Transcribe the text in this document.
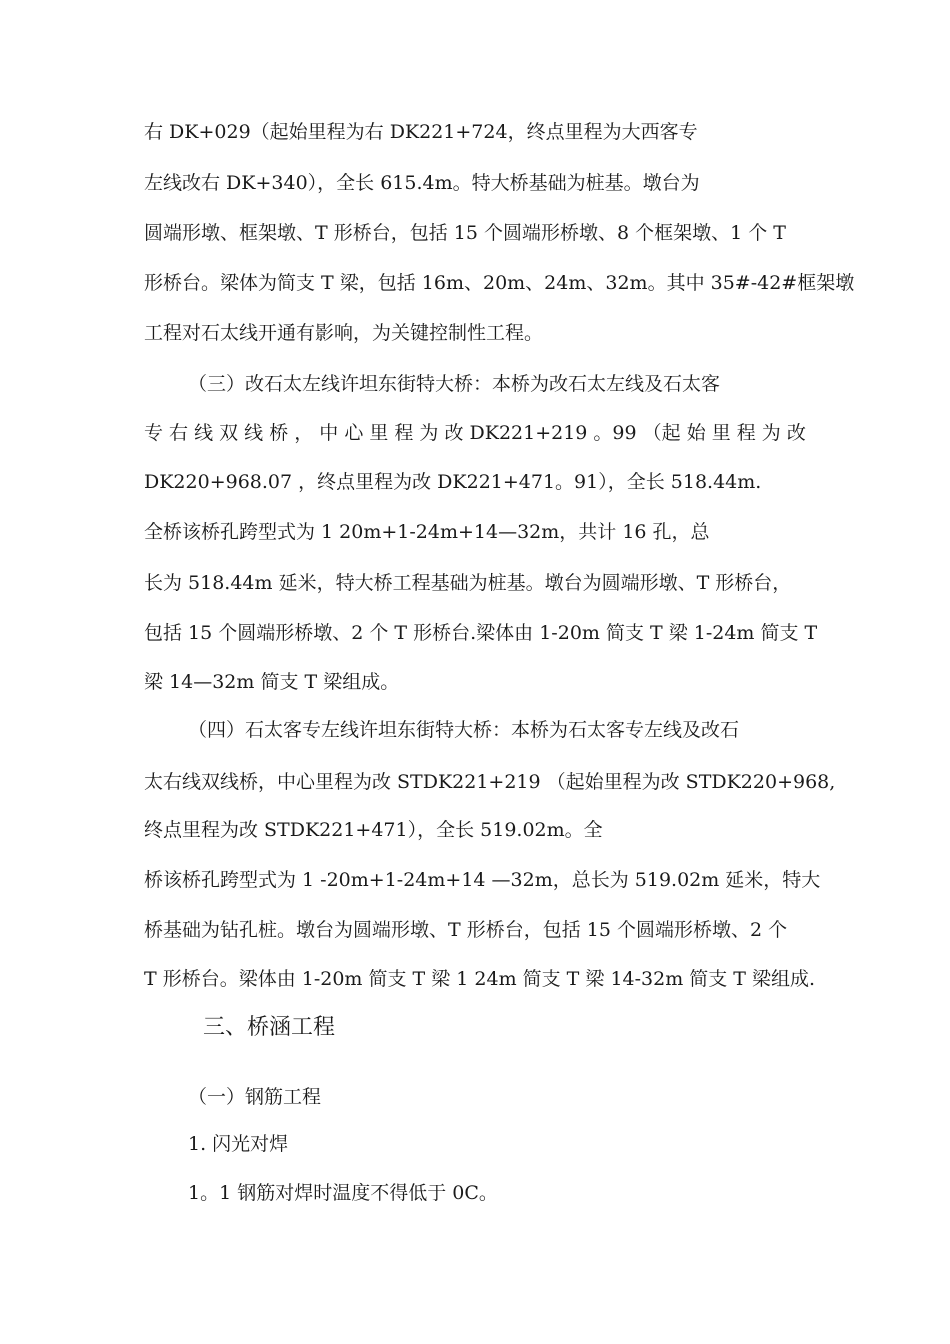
右 DK+029（起始里程为右 DK221+724，终点里程为大西客专
左线改右 DK+340），全长 615.4m。特大桥基础为桩基。墩台为
圆端形墩、框架墩、T 形桥台，包括 15 个圆端形桥墩、8 个框架墩、1 个 T
形桥台。梁体为简支 T 梁，包括 16m、20m、24m、32m。其中 35#-42#框架墩
工程对石太线开通有影响，为关键控制性工程。
（三）改石太左线许坦东街特大桥：本桥为改石太左线及石太客
专 右 线 双 线 桥 ， 中 心 里 程 为 改 DK221+219 。99 （起 始 里 程 为 改
DK220+968.07 ，终点里程为改 DK221+471。91），全长 518.44m.
全桥该桥孔跨型式为 1 20m+1-24m+14—32m，共计 16 孔，总
长为 518.44m 延米，特大桥工程基础为桩基。墩台为圆端形墩、T 形桥台，
包括 15 个圆端形桥墩、2 个 T 形桥台.梁体由 1-20m 简支 T 梁 1-24m 简支 T
梁 14—32m 简支 T 梁组成。
（四）石太客专左线许坦东街特大桥：本桥为石太客专左线及改石
太右线双线桥，中心里程为改 STDK221+219 （起始里程为改 STDK220+968,
终点里程为改 STDK221+471），全长 519.02m。全
桥该桥孔跨型式为 1 -20m+1-24m+14 —32m，总长为 519.02m 延米，特大
桥基础为钻孔桩。墩台为圆端形墩、T 形桥台，包括 15 个圆端形桥墩、2 个
T 形桥台。梁体由 1-20m 简支 T 梁 1 24m 简支 T 梁 14-32m 简支 T 梁组成.
三、桥涵工程
（一）钢筋工程
1. 闪光对焊
1。1 钢筋对焊时温度不得低于 0C。
